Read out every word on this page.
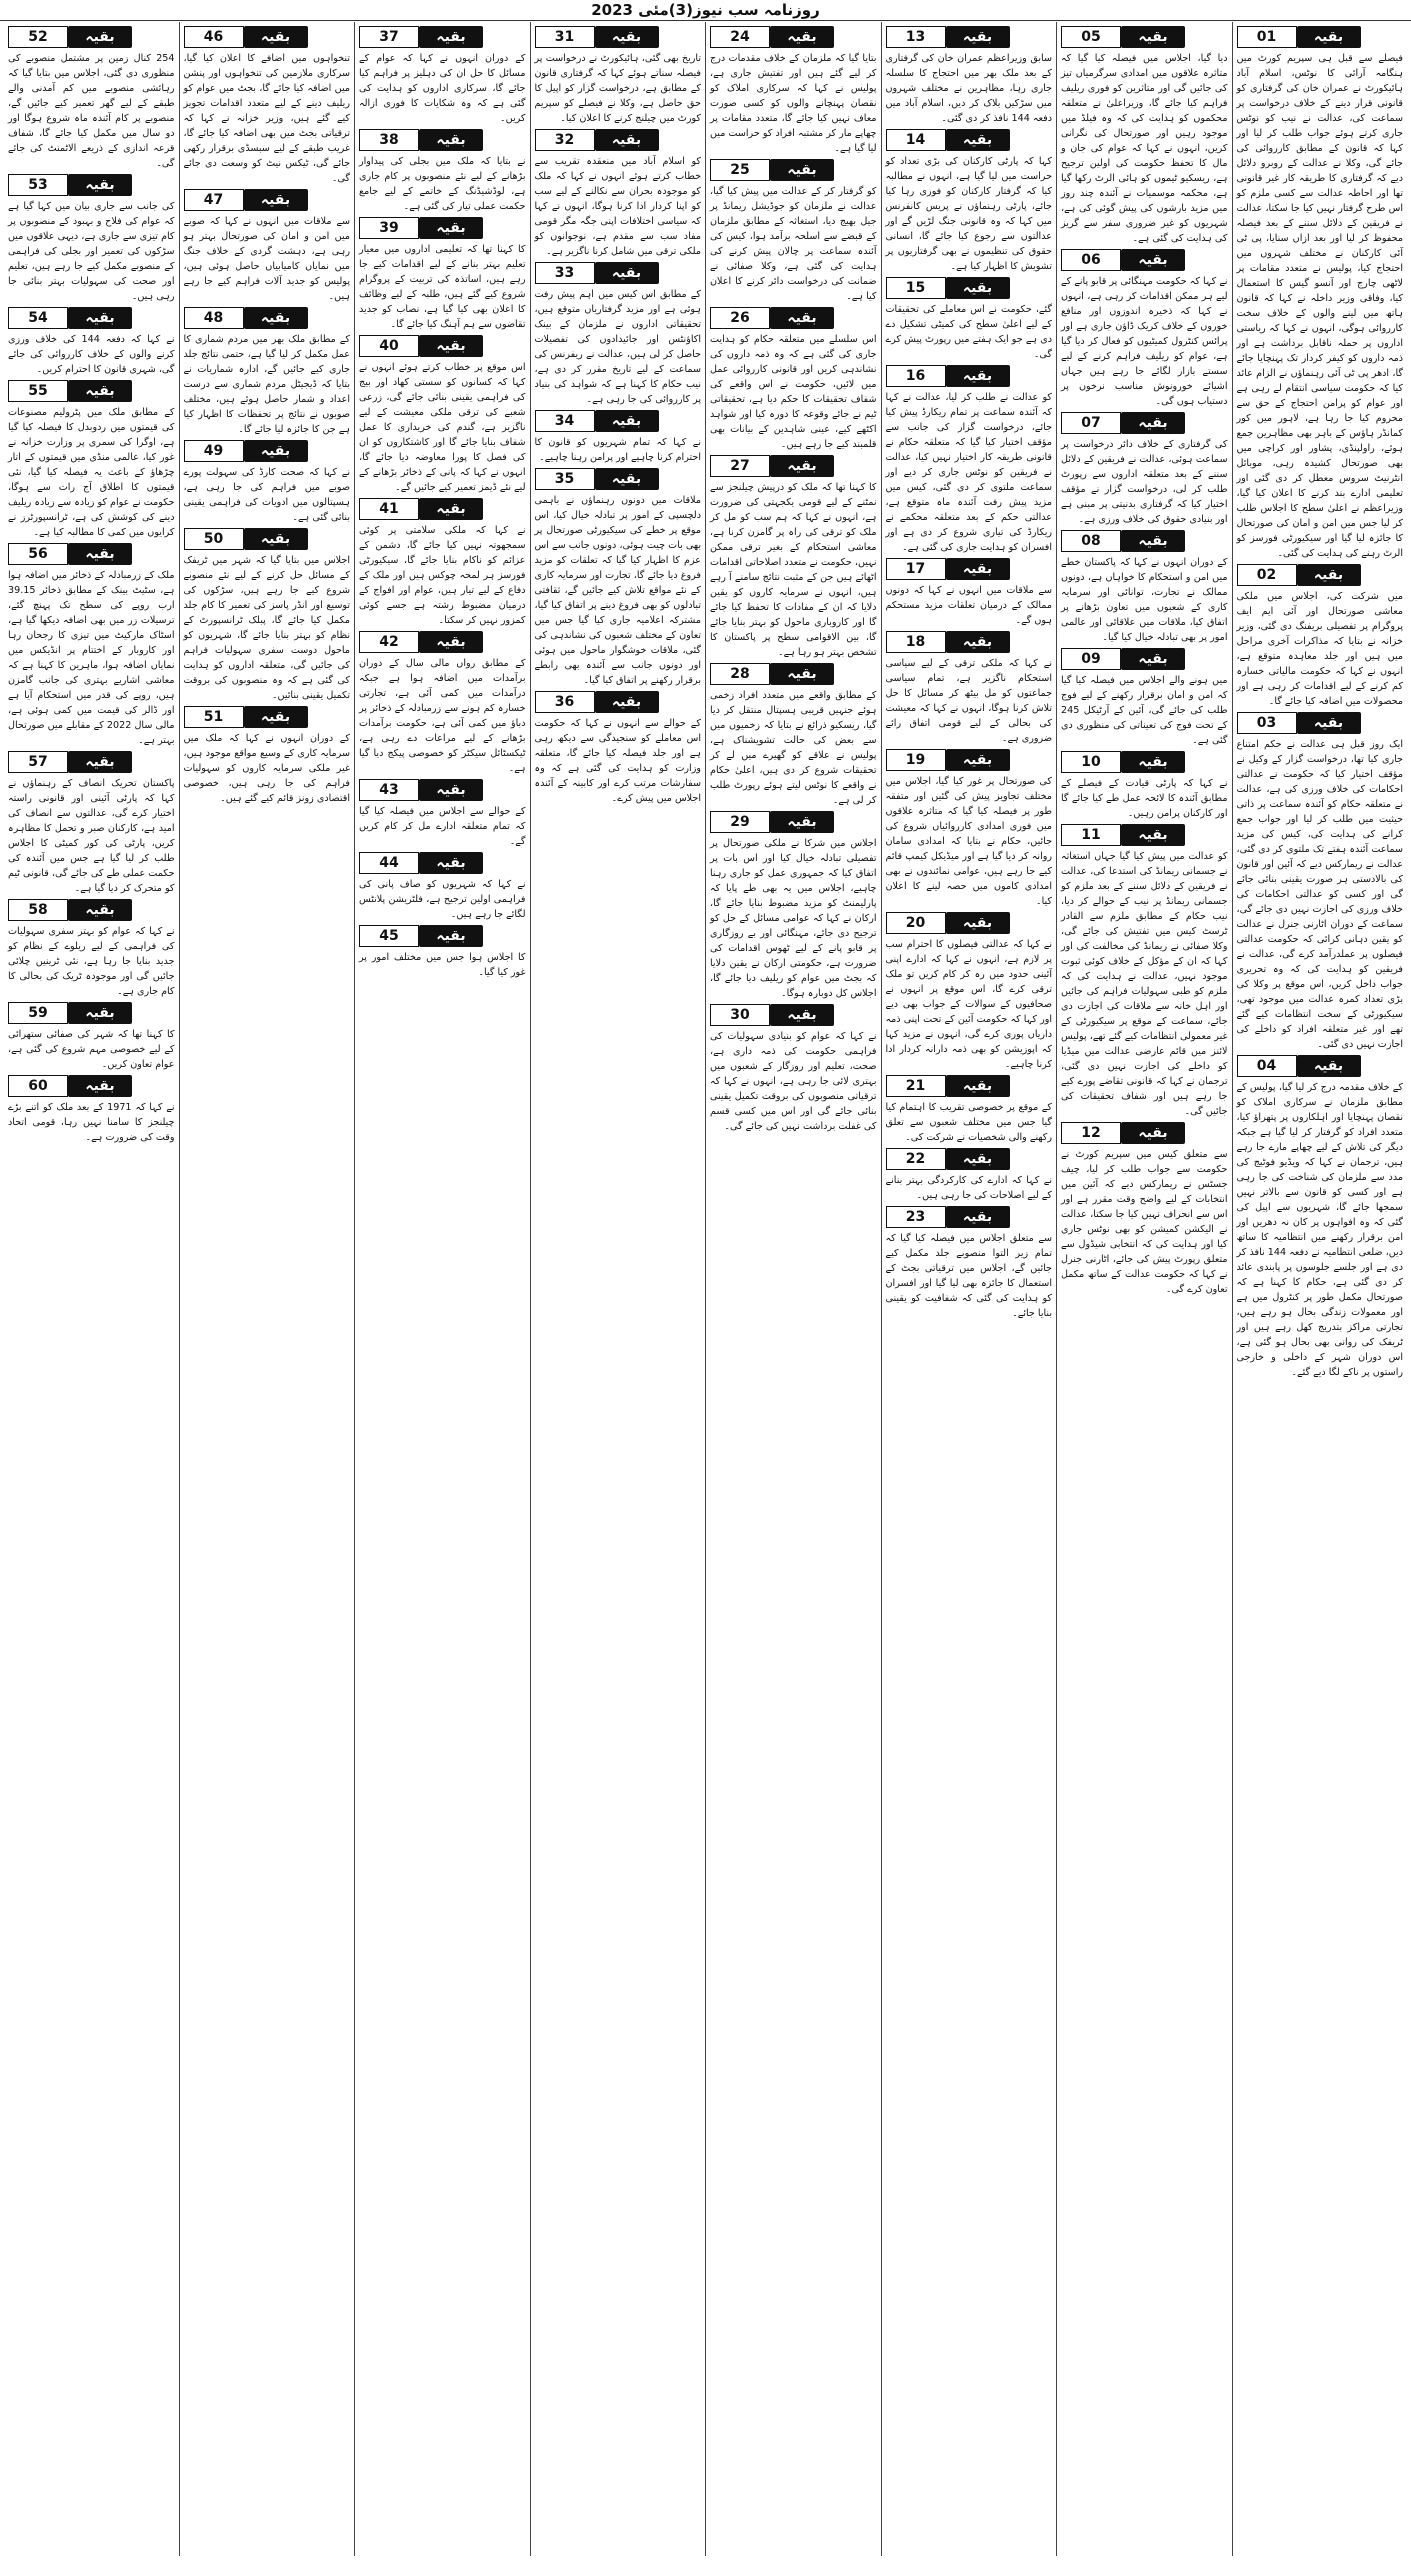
روزنامہ سب نیوز(3)مئی 2023
بقیہ
01
فیصلے سے قبل ہی سپریم کورٹ میں ہنگامہ آرائی کا نوٹس، اسلام آباد ہائیکورٹ نے عمران خان کی گرفتاری کو قانونی قرار دینے کے خلاف درخواست پر سماعت کی، عدالت نے نیب کو نوٹس جاری کرتے ہوئے جواب طلب کر لیا اور کہا کہ قانون کے مطابق کارروائی کی جائے گی، وکلا نے عدالت کے روبرو دلائل دیے کہ گرفتاری کا طریقہ کار غیر قانونی تھا اور احاطہ عدالت سے کسی ملزم کو اس طرح گرفتار نہیں کیا جا سکتا، عدالت نے فریقین کے دلائل سننے کے بعد فیصلہ محفوظ کر لیا اور بعد ازاں سنایا، پی ٹی آئی کارکنان نے مختلف شہروں میں احتجاج کیا، پولیس نے متعدد مقامات پر لاٹھی چارج اور آنسو گیس کا استعمال کیا، وفاقی وزیر داخلہ نے کہا کہ قانون ہاتھ میں لینے والوں کے خلاف سخت کارروائی ہوگی، انہوں نے کہا کہ ریاستی اداروں پر حملہ ناقابل برداشت ہے اور ذمہ داروں کو کیفر کردار تک پہنچایا جائے گا، ادھر پی ٹی آئی رہنماؤں نے الزام عائد کیا کہ حکومت سیاسی انتقام لے رہی ہے اور عوام کو پرامن احتجاج کے حق سے محروم کیا جا رہا ہے، لاہور میں کور کمانڈر ہاؤس کے باہر بھی مظاہرین جمع ہوئے، راولپنڈی، پشاور اور کراچی میں بھی صورتحال کشیدہ رہی، موبائل انٹرنیٹ سروس معطل کر دی گئی اور تعلیمی ادارے بند کرنے کا اعلان کیا گیا، وزیراعظم نے اعلیٰ سطح کا اجلاس طلب کر لیا جس میں امن و امان کی صورتحال کا جائزہ لیا گیا اور سیکیورٹی فورسز کو الرٹ رہنے کی ہدایت کی گئی۔
بقیہ
02
میں شرکت کی، اجلاس میں ملکی معاشی صورتحال اور آئی ایم ایف پروگرام پر تفصیلی بریفنگ دی گئی، وزیر خزانہ نے بتایا کہ مذاکرات آخری مراحل میں ہیں اور جلد معاہدہ متوقع ہے، انہوں نے کہا کہ حکومت مالیاتی خسارہ کم کرنے کے لیے اقدامات کر رہی ہے اور محصولات میں اضافہ کیا جائے گا۔
بقیہ
03
ایک روز قبل ہی عدالت نے حکم امتناع جاری کیا تھا، درخواست گزار کے وکیل نے مؤقف اختیار کیا کہ حکومت نے عدالتی احکامات کی خلاف ورزی کی ہے، عدالت نے متعلقہ حکام کو آئندہ سماعت پر ذاتی حیثیت میں طلب کر لیا اور جواب جمع کرانے کی ہدایت کی، کیس کی مزید سماعت آئندہ ہفتے تک ملتوی کر دی گئی، عدالت نے ریمارکس دیے کہ آئین اور قانون کی بالادستی ہر صورت یقینی بنائی جائے گی اور کسی کو عدالتی احکامات کی خلاف ورزی کی اجازت نہیں دی جائے گی، سماعت کے دوران اٹارنی جنرل نے عدالت کو یقین دہانی کرائی کہ حکومت عدالتی فیصلوں پر عملدرآمد کرے گی، عدالت نے فریقین کو ہدایت کی کہ وہ تحریری جواب داخل کریں، اس موقع پر وکلا کی بڑی تعداد کمرہ عدالت میں موجود تھی، سیکیورٹی کے سخت انتظامات کیے گئے تھے اور غیر متعلقہ افراد کو داخلے کی اجازت نہیں دی گئی۔
بقیہ
04
کے خلاف مقدمہ درج کر لیا گیا، پولیس کے مطابق ملزمان نے سرکاری املاک کو نقصان پہنچایا اور اہلکاروں پر پتھراؤ کیا، متعدد افراد کو گرفتار کر لیا گیا ہے جبکہ دیگر کی تلاش کے لیے چھاپے مارے جا رہے ہیں، ترجمان نے کہا کہ ویڈیو فوٹیج کی مدد سے ملزمان کی شناخت کی جا رہی ہے اور کسی کو قانون سے بالاتر نہیں سمجھا جائے گا، شہریوں سے اپیل کی گئی کہ وہ افواہوں پر کان نہ دھریں اور امن برقرار رکھنے میں انتظامیہ کا ساتھ دیں، ضلعی انتظامیہ نے دفعہ 144 نافذ کر دی ہے اور جلسے جلوسوں پر پابندی عائد کر دی گئی ہے، حکام کا کہنا ہے کہ صورتحال مکمل طور پر کنٹرول میں ہے اور معمولات زندگی بحال ہو رہے ہیں، تجارتی مراکز بتدریج کھل رہے ہیں اور ٹریفک کی روانی بھی بحال ہو گئی ہے، اس دوران شہر کے داخلی و خارجی راستوں پر ناکے لگا دیے گئے۔
بقیہ
05
دیا گیا، اجلاس میں فیصلہ کیا گیا کہ متاثرہ علاقوں میں امدادی سرگرمیاں تیز کی جائیں گی اور متاثرین کو فوری ریلیف فراہم کیا جائے گا، وزیراعلیٰ نے متعلقہ محکموں کو ہدایت کی کہ وہ فیلڈ میں موجود رہیں اور صورتحال کی نگرانی کریں، انہوں نے کہا کہ عوام کی جان و مال کا تحفظ حکومت کی اولین ترجیح ہے، ریسکیو ٹیموں کو ہائی الرٹ رکھا گیا ہے، محکمہ موسمیات نے آئندہ چند روز میں مزید بارشوں کی پیش گوئی کی ہے، شہریوں کو غیر ضروری سفر سے گریز کی ہدایت کی گئی ہے۔
بقیہ
06
نے کہا کہ حکومت مہنگائی پر قابو پانے کے لیے ہر ممکن اقدامات کر رہی ہے، انہوں نے کہا کہ ذخیرہ اندوزوں اور منافع خوروں کے خلاف کریک ڈاؤن جاری ہے اور پرائس کنٹرول کمیٹیوں کو فعال کر دیا گیا ہے، عوام کو ریلیف فراہم کرنے کے لیے سستے بازار لگائے جا رہے ہیں جہاں اشیائے خورونوش مناسب نرخوں پر دستیاب ہوں گی۔
بقیہ
07
کی گرفتاری کے خلاف دائر درخواست پر سماعت ہوئی، عدالت نے فریقین کے دلائل سننے کے بعد متعلقہ اداروں سے رپورٹ طلب کر لی، درخواست گزار نے مؤقف اختیار کیا کہ گرفتاری بدنیتی پر مبنی ہے اور بنیادی حقوق کی خلاف ورزی ہے۔
بقیہ
08
کے دوران انہوں نے کہا کہ پاکستان خطے میں امن و استحکام کا خواہاں ہے، دونوں ممالک نے تجارت، توانائی اور سرمایہ کاری کے شعبوں میں تعاون بڑھانے پر اتفاق کیا، ملاقات میں علاقائی اور عالمی امور پر بھی تبادلہ خیال کیا گیا۔
بقیہ
09
میں ہونے والے اجلاس میں فیصلہ کیا گیا کہ امن و امان برقرار رکھنے کے لیے فوج طلب کی جائے گی، آئین کے آرٹیکل 245 کے تحت فوج کی تعیناتی کی منظوری دی گئی ہے۔
بقیہ
10
نے کہا کہ پارٹی قیادت کے فیصلے کے مطابق آئندہ کا لائحہ عمل طے کیا جائے گا اور کارکنان پرامن رہیں۔
بقیہ
11
کو عدالت میں پیش کیا گیا جہاں استغاثہ نے جسمانی ریمانڈ کی استدعا کی، عدالت نے فریقین کے دلائل سننے کے بعد ملزم کو جسمانی ریمانڈ پر نیب کے حوالے کر دیا، نیب حکام کے مطابق ملزم سے القادر ٹرسٹ کیس میں تفتیش کی جائے گی، وکلا صفائی نے ریمانڈ کی مخالفت کی اور کہا کہ ان کے مؤکل کے خلاف کوئی ثبوت موجود نہیں، عدالت نے ہدایت کی کہ ملزم کو طبی سہولیات فراہم کی جائیں اور اہل خانہ سے ملاقات کی اجازت دی جائے، سماعت کے موقع پر سیکیورٹی کے غیر معمولی انتظامات کیے گئے تھے، پولیس لائنز میں قائم عارضی عدالت میں میڈیا کو داخلے کی اجازت نہیں دی گئی، ترجمان نے کہا کہ قانونی تقاضے پورے کیے جا رہے ہیں اور شفاف تحقیقات کی جائیں گی۔
بقیہ
12
سے متعلق کیس میں سپریم کورٹ نے حکومت سے جواب طلب کر لیا، چیف جسٹس نے ریمارکس دیے کہ آئین میں انتخابات کے لیے واضح وقت مقرر ہے اور اس سے انحراف نہیں کیا جا سکتا، عدالت نے الیکشن کمیشن کو بھی نوٹس جاری کیا اور ہدایت کی کہ انتخابی شیڈول سے متعلق رپورٹ پیش کی جائے، اٹارنی جنرل نے کہا کہ حکومت عدالت کے ساتھ مکمل تعاون کرے گی۔
بقیہ
13
سابق وزیراعظم عمران خان کی گرفتاری کے بعد ملک بھر میں احتجاج کا سلسلہ جاری رہا، مظاہرین نے مختلف شہروں میں سڑکیں بلاک کر دیں، اسلام آباد میں دفعہ 144 نافذ کر دی گئی۔
بقیہ
14
کہا کہ پارٹی کارکنان کی بڑی تعداد کو حراست میں لیا گیا ہے، انہوں نے مطالبہ کیا کہ گرفتار کارکنان کو فوری رہا کیا جائے، پارٹی رہنماؤں نے پریس کانفرنس میں کہا کہ وہ قانونی جنگ لڑیں گے اور عدالتوں سے رجوع کیا جائے گا، انسانی حقوق کی تنظیموں نے بھی گرفتاریوں پر تشویش کا اظہار کیا ہے۔
بقیہ
15
گئے، حکومت نے اس معاملے کی تحقیقات کے لیے اعلیٰ سطح کی کمیٹی تشکیل دے دی ہے جو ایک ہفتے میں رپورٹ پیش کرے گی۔
بقیہ
16
کو عدالت نے طلب کر لیا، عدالت نے کہا کہ آئندہ سماعت پر تمام ریکارڈ پیش کیا جائے، درخواست گزار کی جانب سے مؤقف اختیار کیا گیا کہ متعلقہ حکام نے قانونی طریقہ کار اختیار نہیں کیا، عدالت نے فریقین کو نوٹس جاری کر دیے اور سماعت ملتوی کر دی گئی، کیس میں مزید پیش رفت آئندہ ماہ متوقع ہے، عدالتی حکم کے بعد متعلقہ محکمے نے ریکارڈ کی تیاری شروع کر دی ہے اور افسران کو ہدایت جاری کی گئی ہے۔
بقیہ
17
سے ملاقات میں انہوں نے کہا کہ دونوں ممالک کے درمیان تعلقات مزید مستحکم ہوں گے۔
بقیہ
18
نے کہا کہ ملکی ترقی کے لیے سیاسی استحکام ناگزیر ہے، تمام سیاسی جماعتوں کو مل بیٹھ کر مسائل کا حل تلاش کرنا ہوگا، انہوں نے کہا کہ معیشت کی بحالی کے لیے قومی اتفاق رائے ضروری ہے۔
بقیہ
19
کی صورتحال پر غور کیا گیا، اجلاس میں مختلف تجاویز پیش کی گئیں اور متفقہ طور پر فیصلہ کیا گیا کہ متاثرہ علاقوں میں فوری امدادی کارروائیاں شروع کی جائیں، حکام نے بتایا کہ امدادی سامان روانہ کر دیا گیا ہے اور میڈیکل کیمپ قائم کیے جا رہے ہیں، عوامی نمائندوں نے بھی امدادی کاموں میں حصہ لینے کا اعلان کیا۔
بقیہ
20
نے کہا کہ عدالتی فیصلوں کا احترام سب پر لازم ہے، انہوں نے کہا کہ ادارے اپنی آئینی حدود میں رہ کر کام کریں تو ملک ترقی کرے گا، اس موقع پر انہوں نے صحافیوں کے سوالات کے جواب بھی دیے اور کہا کہ حکومت آئین کے تحت اپنی ذمہ داریاں پوری کرے گی، انہوں نے مزید کہا کہ اپوزیشن کو بھی ذمہ دارانہ کردار ادا کرنا چاہیے۔
بقیہ
21
کے موقع پر خصوصی تقریب کا اہتمام کیا گیا جس میں مختلف شعبوں سے تعلق رکھنے والی شخصیات نے شرکت کی۔
بقیہ
22
نے کہا کہ ادارے کی کارکردگی بہتر بنانے کے لیے اصلاحات کی جا رہی ہیں۔
بقیہ
23
سے متعلق اجلاس میں فیصلہ کیا گیا کہ تمام زیر التوا منصوبے جلد مکمل کیے جائیں گے، اجلاس میں ترقیاتی بجٹ کے استعمال کا جائزہ بھی لیا گیا اور افسران کو ہدایت کی گئی کہ شفافیت کو یقینی بنایا جائے۔
بقیہ
24
بتایا گیا کہ ملزمان کے خلاف مقدمات درج کر لیے گئے ہیں اور تفتیش جاری ہے، پولیس نے کہا کہ سرکاری املاک کو نقصان پہنچانے والوں کو کسی صورت معاف نہیں کیا جائے گا، متعدد مقامات پر چھاپے مار کر مشتبہ افراد کو حراست میں لیا گیا ہے۔
بقیہ
25
کو گرفتار کر کے عدالت میں پیش کیا گیا، عدالت نے ملزمان کو جوڈیشل ریمانڈ پر جیل بھیج دیا، استغاثہ کے مطابق ملزمان کے قبضے سے اسلحہ برآمد ہوا، کیس کی آئندہ سماعت پر چالان پیش کرنے کی ہدایت کی گئی ہے، وکلا صفائی نے ضمانت کی درخواست دائر کرنے کا اعلان کیا ہے۔
بقیہ
26
اس سلسلے میں متعلقہ حکام کو ہدایت جاری کی گئی ہے کہ وہ ذمہ داروں کی نشاندہی کریں اور قانونی کارروائی عمل میں لائیں، حکومت نے اس واقعے کی شفاف تحقیقات کا حکم دیا ہے، تحقیقاتی ٹیم نے جائے وقوعہ کا دورہ کیا اور شواہد اکٹھے کیے، عینی شاہدین کے بیانات بھی قلمبند کیے جا رہے ہیں۔
بقیہ
27
کا کہنا تھا کہ ملک کو درپیش چیلنجز سے نمٹنے کے لیے قومی یکجہتی کی ضرورت ہے، انہوں نے کہا کہ ہم سب کو مل کر ملک کو ترقی کی راہ پر گامزن کرنا ہے، معاشی استحکام کے بغیر ترقی ممکن نہیں، حکومت نے متعدد اصلاحاتی اقدامات اٹھائے ہیں جن کے مثبت نتائج سامنے آ رہے ہیں، انہوں نے سرمایہ کاروں کو یقین دلایا کہ ان کے مفادات کا تحفظ کیا جائے گا اور کاروباری ماحول کو بہتر بنایا جائے گا، بین الاقوامی سطح پر پاکستان کا تشخص بہتر ہو رہا ہے۔
بقیہ
28
کے مطابق واقعے میں متعدد افراد زخمی ہوئے جنہیں قریبی ہسپتال منتقل کر دیا گیا، ریسکیو ذرائع نے بتایا کہ زخمیوں میں سے بعض کی حالت تشویشناک ہے، پولیس نے علاقے کو گھیرے میں لے کر تحقیقات شروع کر دی ہیں، اعلیٰ حکام نے واقعے کا نوٹس لیتے ہوئے رپورٹ طلب کر لی ہے۔
بقیہ
29
اجلاس میں شرکا نے ملکی صورتحال پر تفصیلی تبادلہ خیال کیا اور اس بات پر اتفاق کیا کہ جمہوری عمل کو جاری رہنا چاہیے، اجلاس میں یہ بھی طے پایا کہ پارلیمنٹ کو مزید مضبوط بنایا جائے گا، ارکان نے کہا کہ عوامی مسائل کے حل کو ترجیح دی جائے، مہنگائی اور بے روزگاری پر قابو پانے کے لیے ٹھوس اقدامات کی ضرورت ہے، حکومتی ارکان نے یقین دلایا کہ بجٹ میں عوام کو ریلیف دیا جائے گا، اجلاس کل دوبارہ ہوگا۔
بقیہ
30
نے کہا کہ عوام کو بنیادی سہولیات کی فراہمی حکومت کی ذمہ داری ہے، صحت، تعلیم اور روزگار کے شعبوں میں بہتری لائی جا رہی ہے، انہوں نے کہا کہ ترقیاتی منصوبوں کی بروقت تکمیل یقینی بنائی جائے گی اور اس میں کسی قسم کی غفلت برداشت نہیں کی جائے گی۔
بقیہ
31
تاریخ بھی گئی، ہائیکورٹ نے درخواست پر فیصلہ سناتے ہوئے کہا کہ گرفتاری قانون کے مطابق ہے، درخواست گزار کو اپیل کا حق حاصل ہے، وکلا نے فیصلے کو سپریم کورٹ میں چیلنج کرنے کا اعلان کیا۔
بقیہ
32
کو اسلام آباد میں منعقدہ تقریب سے خطاب کرتے ہوئے انہوں نے کہا کہ ملک کو موجودہ بحران سے نکالنے کے لیے سب کو اپنا کردار ادا کرنا ہوگا، انہوں نے کہا کہ سیاسی اختلافات اپنی جگہ مگر قومی مفاد سب سے مقدم ہے، نوجوانوں کو ملکی ترقی میں شامل کرنا ناگزیر ہے۔
بقیہ
33
کے مطابق اس کیس میں اہم پیش رفت ہوئی ہے اور مزید گرفتاریاں متوقع ہیں، تحقیقاتی اداروں نے ملزمان کے بینک اکاؤنٹس اور جائیدادوں کی تفصیلات حاصل کر لی ہیں، عدالت نے ریفرنس کی سماعت کے لیے تاریخ مقرر کر دی ہے، نیب حکام کا کہنا ہے کہ شواہد کی بنیاد پر کارروائی کی جا رہی ہے۔
بقیہ
34
نے کہا کہ تمام شہریوں کو قانون کا احترام کرنا چاہیے اور پرامن رہنا چاہیے۔
بقیہ
35
ملاقات میں دونوں رہنماؤں نے باہمی دلچسپی کے امور پر تبادلہ خیال کیا، اس موقع پر خطے کی سیکیورٹی صورتحال پر بھی بات چیت ہوئی، دونوں جانب سے اس عزم کا اظہار کیا گیا کہ تعلقات کو مزید فروغ دیا جائے گا، تجارت اور سرمایہ کاری کے نئے مواقع تلاش کیے جائیں گے، ثقافتی تبادلوں کو بھی فروغ دینے پر اتفاق کیا گیا، مشترکہ اعلامیہ جاری کیا گیا جس میں تعاون کے مختلف شعبوں کی نشاندہی کی گئی، ملاقات خوشگوار ماحول میں ہوئی اور دونوں جانب سے آئندہ بھی رابطے برقرار رکھنے پر اتفاق کیا گیا۔
بقیہ
36
کے حوالے سے انہوں نے کہا کہ حکومت اس معاملے کو سنجیدگی سے دیکھ رہی ہے اور جلد فیصلہ کیا جائے گا، متعلقہ وزارت کو ہدایت کی گئی ہے کہ وہ سفارشات مرتب کرے اور کابینہ کے آئندہ اجلاس میں پیش کرے۔
بقیہ
37
کے دوران انہوں نے کہا کہ عوام کے مسائل کا حل ان کی دہلیز پر فراہم کیا جائے گا، سرکاری اداروں کو ہدایت کی گئی ہے کہ وہ شکایات کا فوری ازالہ کریں۔
بقیہ
38
نے بتایا کہ ملک میں بجلی کی پیداوار بڑھانے کے لیے نئے منصوبوں پر کام جاری ہے، لوڈشیڈنگ کے خاتمے کے لیے جامع حکمت عملی تیار کی گئی ہے۔
بقیہ
39
کا کہنا تھا کہ تعلیمی اداروں میں معیار تعلیم بہتر بنانے کے لیے اقدامات کیے جا رہے ہیں، اساتذہ کی تربیت کے پروگرام شروع کیے گئے ہیں، طلبہ کے لیے وظائف کا اعلان بھی کیا گیا ہے، نصاب کو جدید تقاضوں سے ہم آہنگ کیا جائے گا۔
بقیہ
40
اس موقع پر خطاب کرتے ہوئے انہوں نے کہا کہ کسانوں کو سستی کھاد اور بیج کی فراہمی یقینی بنائی جائے گی، زرعی شعبے کی ترقی ملکی معیشت کے لیے ناگزیر ہے، گندم کی خریداری کا عمل شفاف بنایا جائے گا اور کاشتکاروں کو ان کی فصل کا پورا معاوضہ دیا جائے گا، انہوں نے کہا کہ پانی کے ذخائر بڑھانے کے لیے نئے ڈیمز تعمیر کیے جائیں گے۔
بقیہ
41
نے کہا کہ ملکی سلامتی پر کوئی سمجھوتہ نہیں کیا جائے گا، دشمن کے عزائم کو ناکام بنایا جائے گا، سیکیورٹی فورسز ہر لمحہ چوکس ہیں اور ملک کے دفاع کے لیے تیار ہیں، عوام اور افواج کے درمیان مضبوط رشتہ ہے جسے کوئی کمزور نہیں کر سکتا۔
بقیہ
42
کے مطابق رواں مالی سال کے دوران برآمدات میں اضافہ ہوا ہے جبکہ درآمدات میں کمی آئی ہے، تجارتی خسارہ کم ہونے سے زرمبادلہ کے ذخائر پر دباؤ میں کمی آئی ہے، حکومت برآمدات بڑھانے کے لیے مراعات دے رہی ہے، ٹیکسٹائل سیکٹر کو خصوصی پیکج دیا گیا ہے۔
بقیہ
43
کے حوالے سے اجلاس میں فیصلہ کیا گیا کہ تمام متعلقہ ادارے مل کر کام کریں گے۔
بقیہ
44
نے کہا کہ شہریوں کو صاف پانی کی فراہمی اولین ترجیح ہے، فلٹریشن پلانٹس لگائے جا رہے ہیں۔
بقیہ
45
کا اجلاس ہوا جس میں مختلف امور پر غور کیا گیا۔
بقیہ
46
تنخواہوں میں اضافے کا اعلان کیا گیا، سرکاری ملازمین کی تنخواہوں اور پنشن میں اضافہ کیا جائے گا، بجٹ میں عوام کو ریلیف دینے کے لیے متعدد اقدامات تجویز کیے گئے ہیں، وزیر خزانہ نے کہا کہ ترقیاتی بجٹ میں بھی اضافہ کیا جائے گا، غریب طبقے کے لیے سبسڈی برقرار رکھی جائے گی، ٹیکس نیٹ کو وسعت دی جائے گی۔
بقیہ
47
سے ملاقات میں انہوں نے کہا کہ صوبے میں امن و امان کی صورتحال بہتر ہو رہی ہے، دہشت گردی کے خلاف جنگ میں نمایاں کامیابیاں حاصل ہوئی ہیں، پولیس کو جدید آلات فراہم کیے جا رہے ہیں۔
بقیہ
48
کے مطابق ملک بھر میں مردم شماری کا عمل مکمل کر لیا گیا ہے، حتمی نتائج جلد جاری کیے جائیں گے، ادارہ شماریات نے بتایا کہ ڈیجیٹل مردم شماری سے درست اعداد و شمار حاصل ہوئے ہیں، مختلف صوبوں نے نتائج پر تحفظات کا اظہار کیا ہے جن کا جائزہ لیا جائے گا۔
بقیہ
49
نے کہا کہ صحت کارڈ کی سہولت پورے صوبے میں فراہم کی جا رہی ہے، ہسپتالوں میں ادویات کی فراہمی یقینی بنائی گئی ہے۔
بقیہ
50
اجلاس میں بتایا گیا کہ شہر میں ٹریفک کے مسائل حل کرنے کے لیے نئے منصوبے شروع کیے جا رہے ہیں، سڑکوں کی توسیع اور انڈر پاسز کی تعمیر کا کام جلد مکمل کیا جائے گا، پبلک ٹرانسپورٹ کے نظام کو بہتر بنایا جائے گا، شہریوں کو ماحول دوست سفری سہولیات فراہم کی جائیں گی، متعلقہ اداروں کو ہدایت کی گئی ہے کہ وہ منصوبوں کی بروقت تکمیل یقینی بنائیں۔
بقیہ
51
کے دوران انہوں نے کہا کہ ملک میں سرمایہ کاری کے وسیع مواقع موجود ہیں، غیر ملکی سرمایہ کاروں کو سہولیات فراہم کی جا رہی ہیں، خصوصی اقتصادی زونز قائم کیے گئے ہیں۔
بقیہ
52
254 کنال زمین پر مشتمل منصوبے کی منظوری دی گئی، اجلاس میں بتایا گیا کہ رہائشی منصوبے میں کم آمدنی والے طبقے کے لیے گھر تعمیر کیے جائیں گے، منصوبے پر کام آئندہ ماہ شروع ہوگا اور دو سال میں مکمل کیا جائے گا، شفاف قرعہ اندازی کے ذریعے الاٹمنٹ کی جائے گی۔
بقیہ
53
کی جانب سے جاری بیان میں کہا گیا ہے کہ عوام کی فلاح و بہبود کے منصوبوں پر کام تیزی سے جاری ہے، دیہی علاقوں میں سڑکوں کی تعمیر اور بجلی کی فراہمی کے منصوبے مکمل کیے جا رہے ہیں، تعلیم اور صحت کی سہولیات بہتر بنائی جا رہی ہیں۔
بقیہ
54
نے کہا کہ دفعہ 144 کی خلاف ورزی کرنے والوں کے خلاف کارروائی کی جائے گی، شہری قانون کا احترام کریں۔
بقیہ
55
کے مطابق ملک میں پٹرولیم مصنوعات کی قیمتوں میں ردوبدل کا فیصلہ کیا گیا ہے، اوگرا کی سمری پر وزارت خزانہ نے غور کیا، عالمی منڈی میں قیمتوں کے اتار چڑھاؤ کے باعث یہ فیصلہ کیا گیا، نئی قیمتوں کا اطلاق آج رات سے ہوگا، حکومت نے عوام کو زیادہ سے زیادہ ریلیف دینے کی کوشش کی ہے، ٹرانسپورٹرز نے کرایوں میں کمی کا مطالبہ کیا ہے۔
بقیہ
56
ملک کے زرمبادلہ کے ذخائر میں اضافہ ہوا ہے، سٹیٹ بینک کے مطابق ذخائر 39.15 ارب روپے کی سطح تک پہنچ گئے، ترسیلات زر میں بھی اضافہ دیکھا گیا ہے، اسٹاک مارکیٹ میں تیزی کا رجحان رہا اور کاروبار کے اختتام پر انڈیکس میں نمایاں اضافہ ہوا، ماہرین کا کہنا ہے کہ معاشی اشاریے بہتری کی جانب گامزن ہیں، روپے کی قدر میں استحکام آیا ہے اور ڈالر کی قیمت میں کمی ہوئی ہے، مالی سال 2022 کے مقابلے میں صورتحال بہتر ہے۔
بقیہ
57
پاکستان تحریک انصاف کے رہنماؤں نے کہا کہ پارٹی آئینی اور قانونی راستہ اختیار کرے گی، عدالتوں سے انصاف کی امید ہے، کارکنان صبر و تحمل کا مظاہرہ کریں، پارٹی کی کور کمیٹی کا اجلاس طلب کر لیا گیا ہے جس میں آئندہ کی حکمت عملی طے کی جائے گی، قانونی ٹیم کو متحرک کر دیا گیا ہے۔
بقیہ
58
نے کہا کہ عوام کو بہتر سفری سہولیات کی فراہمی کے لیے ریلوے کے نظام کو جدید بنایا جا رہا ہے، نئی ٹرینیں چلائی جائیں گی اور موجودہ ٹریک کی بحالی کا کام جاری ہے۔
بقیہ
59
کا کہنا تھا کہ شہر کی صفائی ستھرائی کے لیے خصوصی مہم شروع کی گئی ہے، عوام تعاون کریں۔
بقیہ
60
نے کہا کہ 1971 کے بعد ملک کو اتنے بڑے چیلنجز کا سامنا نہیں رہا، قومی اتحاد وقت کی ضرورت ہے۔
